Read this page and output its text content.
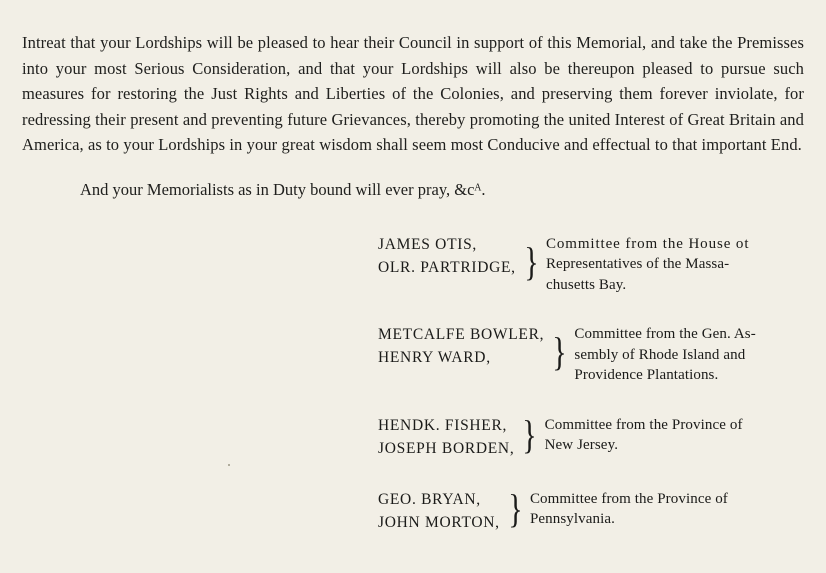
Intreat that your Lordships will be pleased to hear their Council in support of this Memorial, and take the Premisses into your most Serious Consideration, and that your Lordships will also be thereupon pleased to pursue such measures for restoring the Just Rights and Liberties of the Colonies, and preserving them forever inviolate, for redressing their present and preventing future Grievances, thereby promoting the united Interest of Great Britain and America, as to your Lordships in your great wisdom shall seem most Conducive and effectual to that important End.

And your Memorialists as in Duty bound will ever pray, &cᴬ.
JAMES OTIS,
OLR. PARTRIDGE, } Committee from the House ot
Representatives of the Massa-
chusetts Bay.
METCALFE BOWLER,
HENRY WARD,	} Committee from the Gen. As-
sembly of Rhode Island and
Providence Plantations.
HENDK. FISHER,
JOSEPH BORDEN, } Committee from the Province of
New Jersey.
GEO. BRYAN,
JOHN MORTON, } Committee from the Province of
Pennsylvania.
